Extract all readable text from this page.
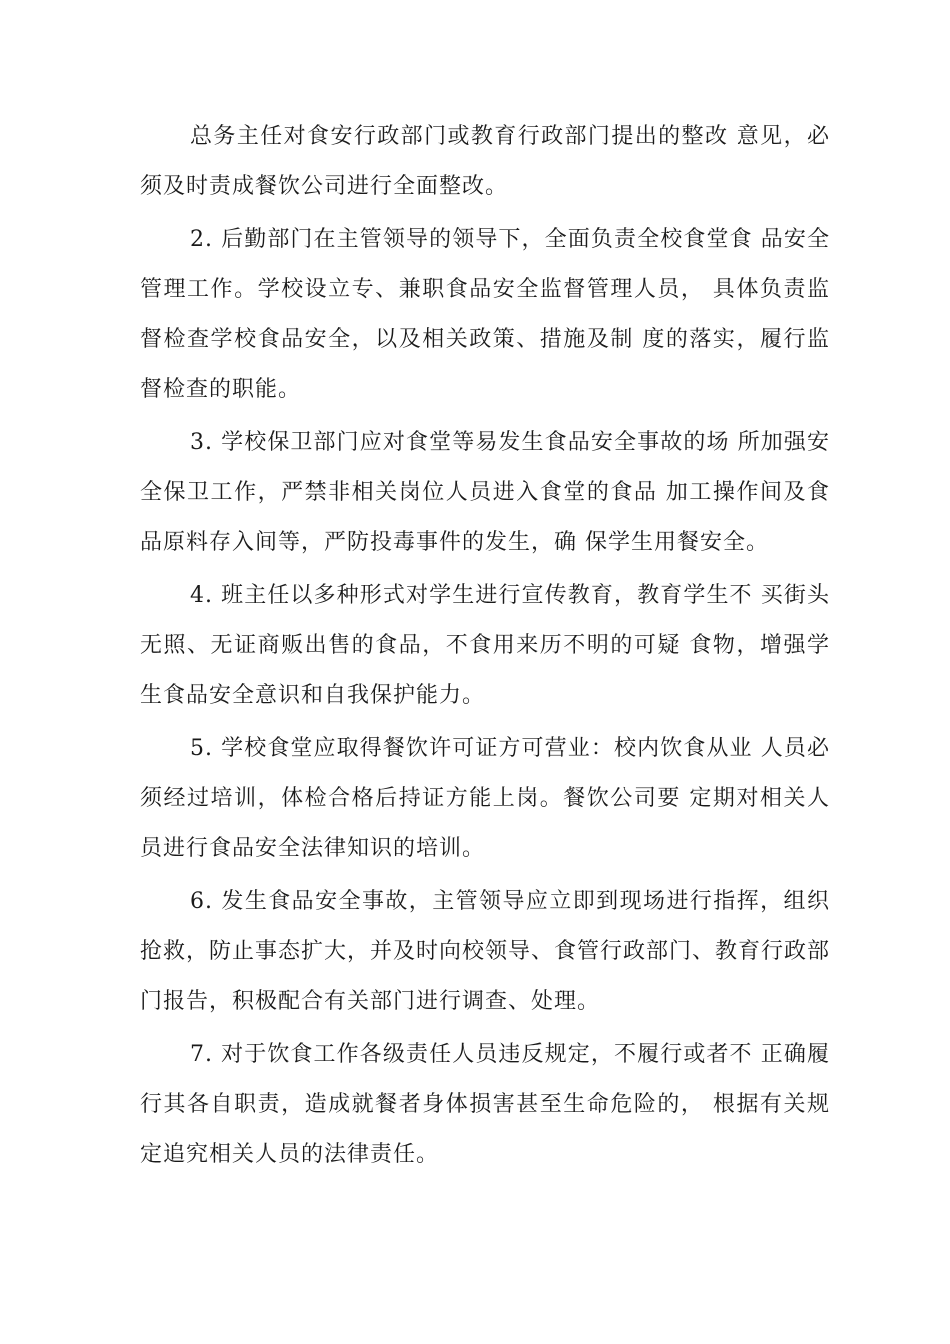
总务主任对食安行政部门或教育行政部门提出的整改 意见，必须及时责成餐饮公司进行全面整改。

2. 后勤部门在主管领导的领导下，全面负责全校食堂食 品安全管理工作。学校设立专、兼职食品安全监督管理人员， 具体负责监督检查学校食品安全，以及相关政策、措施及制 度的落实，履行监督检查的职能。

3. 学校保卫部门应对食堂等易发生食品安全事故的场 所加强安全保卫工作，严禁非相关岗位人员进入食堂的食品 加工操作间及食品原料存入间等，严防投毒事件的发生，确 保学生用餐安全。

4. 班主任以多种形式对学生进行宣传教育，教育学生不 买街头无照、无证商贩出售的食品，不食用来历不明的可疑 食物，增强学生食品安全意识和自我保护能力。

5. 学校食堂应取得餐饮许可证方可营业：校内饮食从业 人员必须经过培训，体检合格后持证方能上岗。餐饮公司要 定期对相关人员进行食品安全法律知识的培训。

6. 发生食品安全事故，主管领导应立即到现场进行指挥，组织抢救，防止事态扩大，并及时向校领导、食管行政部门、教育行政部门报告，积极配合有关部门进行调查、处理。

7. 对于饮食工作各级责任人员违反规定，不履行或者不 正确履行其各自职责，造成就餐者身体损害甚至生命危险的， 根据有关规定追究相关人员的法律责任。
